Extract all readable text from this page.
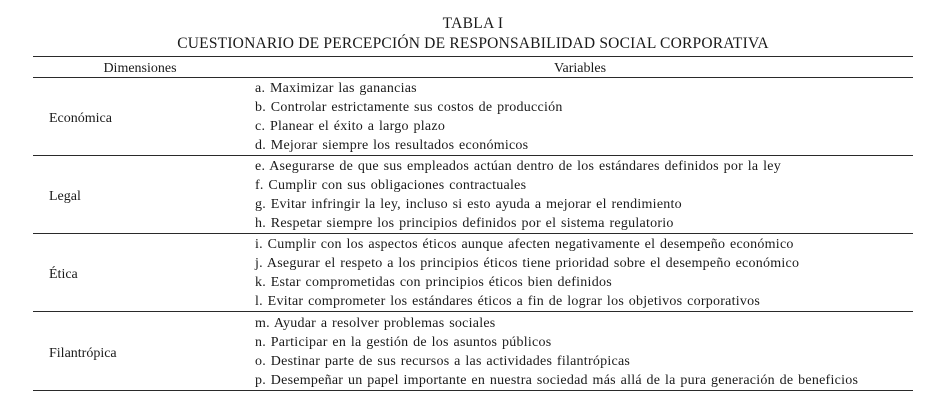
TABLA I
CUESTIONARIO DE PERCEPCIÓN DE RESPONSABILIDAD SOCIAL CORPORATIVA
Dimensiones	Variables
Económica
a. Maximizar las ganancias
b. Controlar estrictamente sus costos de producción
c. Planear el éxito a largo plazo
d. Mejorar siempre los resultados económicos
Legal
e. Asegurarse de que sus empleados actúan dentro de los estándares definidos por la ley
f. Cumplir con sus obligaciones contractuales
g. Evitar infringir la ley, incluso si esto ayuda a mejorar el rendimiento
h. Respetar siempre los principios definidos por el sistema regulatorio
Ética
i. Cumplir con los aspectos éticos aunque afecten negativamente el desempeño económico
j. Asegurar el respeto a los principios éticos tiene prioridad sobre el desempeño económico
k. Estar comprometidas con principios éticos bien definidos
l. Evitar comprometer los estándares éticos a fin de lograr los objetivos corporativos
Filantrópica
m. Ayudar a resolver problemas sociales
n. Participar en la gestión de los asuntos públicos
o. Destinar parte de sus recursos a las actividades filantrópicas
p. Desempeñar un papel importante en nuestra sociedad más allá de la pura generación de beneficios
